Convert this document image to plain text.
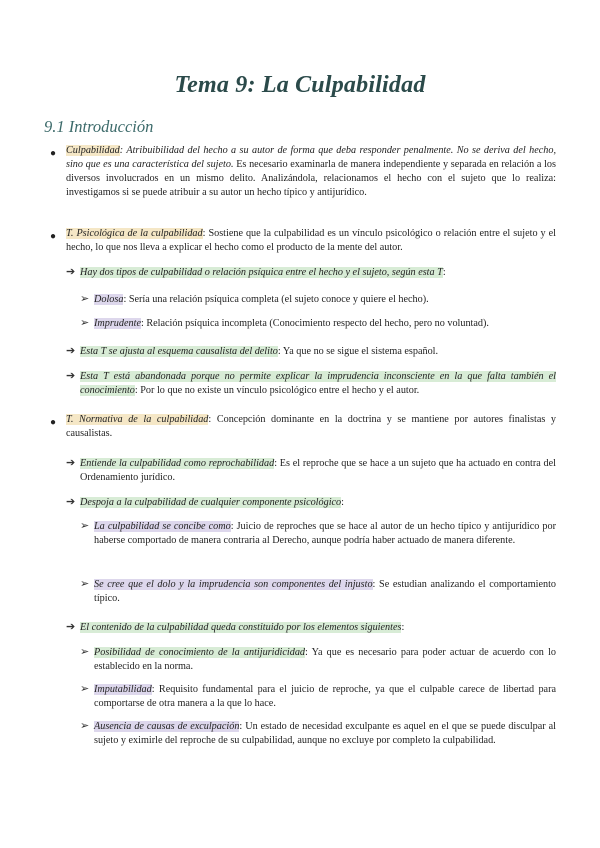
Tema 9: La Culpabilidad
9.1 Introducción
● Culpabilidad: Atribuibilidad del hecho a su autor de forma que deba responder penalmente. No se deriva del hecho, sino que es una característica del sujeto. Es necesario examinarla de manera independiente y separada en relación a los diversos involucrados en un mismo delito. Analizándola, relacionamos el hecho con el sujeto que lo realiza: investigamos si se puede atribuir a su autor un hecho típico y antijurídico.
● T. Psicológica de la culpabilidad: Sostiene que la culpabilidad es un vínculo psicológico o relación entre el sujeto y el hecho, lo que nos lleva a explicar el hecho como el producto de la mente del autor.
➔ Hay dos tipos de culpabilidad o relación psíquica entre el hecho y el sujeto, según esta T:
➢ Dolosa: Sería una relación psíquica completa (el sujeto conoce y quiere el hecho).
➢ Imprudente: Relación psíquica incompleta (Conocimiento respecto del hecho, pero no voluntad).
➔ Esta T se ajusta al esquema causalista del delito: Ya que no se sigue el sistema español.
➔ Esta T está abandonada porque no permite explicar la imprudencia inconsciente en la que falta también el conocimiento: Por lo que no existe un vínculo psicológico entre el hecho y el autor.
● T. Normativa de la culpabilidad: Concepción dominante en la doctrina y se mantiene por autores finalistas y causalistas.
➔ Entiende la culpabilidad como reprochabilidad: Es el reproche que se hace a un sujeto que ha actuado en contra del Ordenamiento jurídico.
➔ Despoja a la culpabilidad de cualquier componente psicológico:
➢ La culpabilidad se concibe como: Juicio de reproches que se hace al autor de un hecho típico y antijurídico por haberse comportado de manera contraria al Derecho, aunque podría haber actuado de manera diferente.
➢ Se cree que el dolo y la imprudencia son componentes del injusto: Se estudian analizando el comportamiento típico.
➔ El contenido de la culpabilidad queda constituido por los elementos siguientes:
➢ Posibilidad de conocimiento de la antijuridicidad: Ya que es necesario para poder actuar de acuerdo con lo establecido en la norma.
➢ Imputabilidad: Requisito fundamental para el juicio de reproche, ya que el culpable carece de libertad para comportarse de otra manera a la que lo hace.
➢ Ausencia de causas de exculpación: Un estado de necesidad exculpante es aquel en el que se puede disculpar al sujeto y eximirle del reproche de su culpabilidad, aunque no excluye por completo la culpabilidad.
